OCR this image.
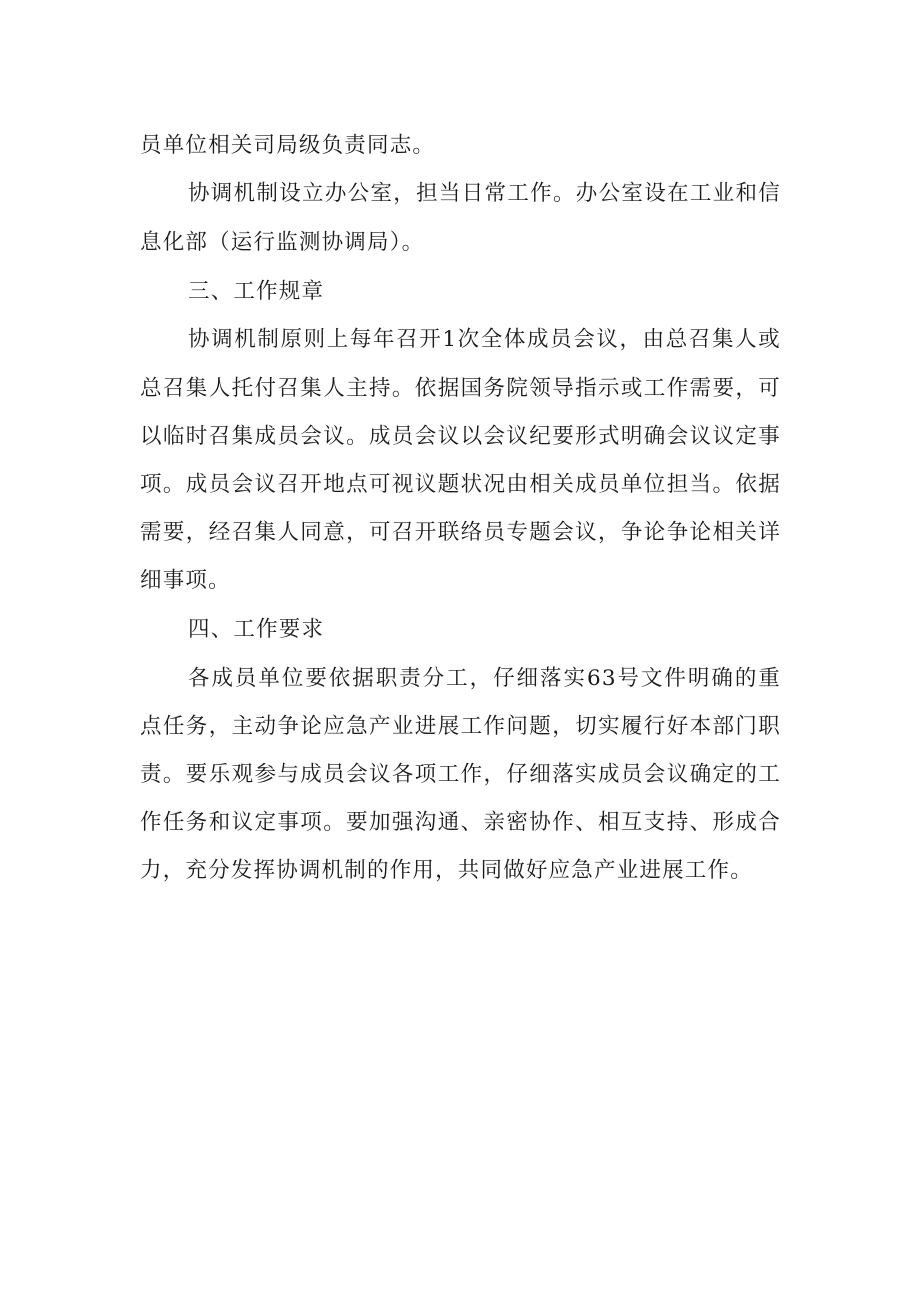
员单位相关司局级负责同志。
协调机制设立办公室，担当日常工作。办公室设在工业和信
息化部（运行监测协调局）。
三、工作规章
协调机制原则上每年召开1次全体成员会议，由总召集人或
总召集人托付召集人主持。依据国务院领导指示或工作需要，可
以临时召集成员会议。成员会议以会议纪要形式明确会议议定事
项。成员会议召开地点可视议题状况由相关成员单位担当。依据
需要，经召集人同意，可召开联络员专题会议，争论争论相关详
细事项。
四、工作要求
各成员单位要依据职责分工，仔细落实63号文件明确的重
点任务，主动争论应急产业进展工作问题，切实履行好本部门职
责。要乐观参与成员会议各项工作，仔细落实成员会议确定的工
作任务和议定事项。要加强沟通、亲密协作、相互支持、形成合
力，充分发挥协调机制的作用，共同做好应急产业进展工作。
